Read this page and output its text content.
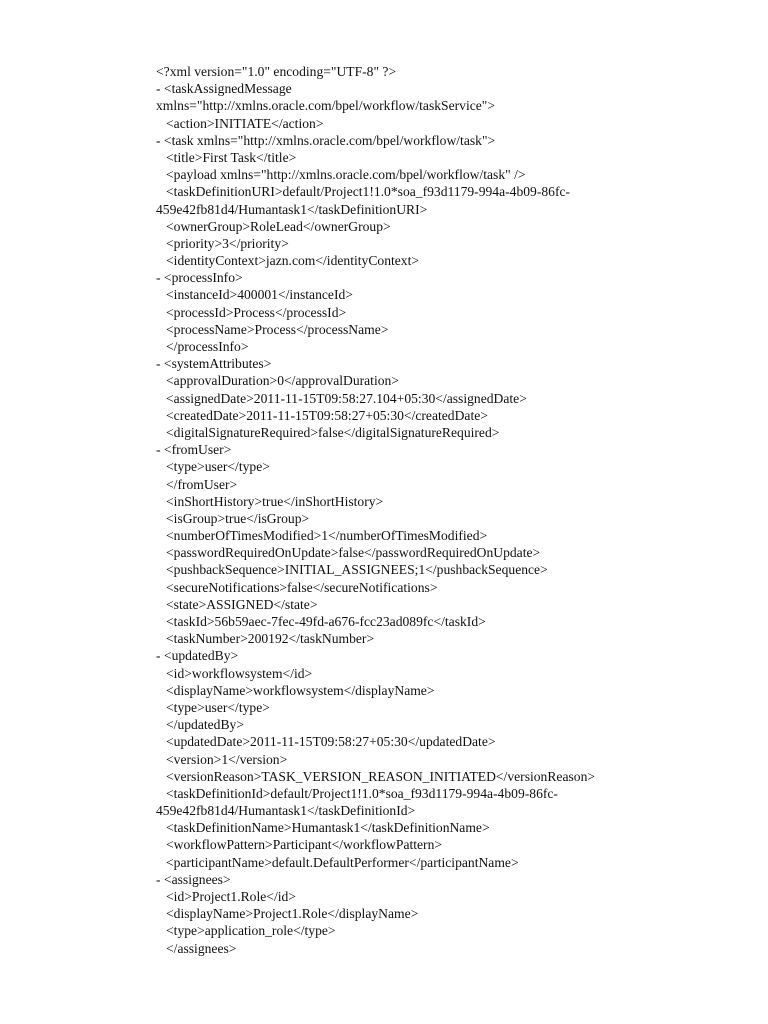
<?xml version="1.0" encoding="UTF-8" ?>
- <taskAssignedMessage
xmlns="http://xmlns.oracle.com/bpel/workflow/taskService">
<action>INITIATE</action>
- <task xmlns="http://xmlns.oracle.com/bpel/workflow/task">
<title>First Task</title>
<payload xmlns="http://xmlns.oracle.com/bpel/workflow/task" />
<taskDefinitionURI>default/Project1!1.0*soa_f93d1179-994a-4b09-86fc-
459e42fb81d4/Humantask1</taskDefinitionURI>
<ownerGroup>RoleLead</ownerGroup>
<priority>3</priority>
<identityContext>jazn.com</identityContext>
- <processInfo>
<instanceId>400001</instanceId>
<processId>Process</processId>
<processName>Process</processName>
</processInfo>
- <systemAttributes>
<approvalDuration>0</approvalDuration>
<assignedDate>2011-11-15T09:58:27.104+05:30</assignedDate>
<createdDate>2011-11-15T09:58:27+05:30</createdDate>
<digitalSignatureRequired>false</digitalSignatureRequired>
- <fromUser>
<type>user</type>
</fromUser>
<inShortHistory>true</inShortHistory>
<isGroup>true</isGroup>
<numberOfTimesModified>1</numberOfTimesModified>
<passwordRequiredOnUpdate>false</passwordRequiredOnUpdate>
<pushbackSequence>INITIAL_ASSIGNEES;1</pushbackSequence>
<secureNotifications>false</secureNotifications>
<state>ASSIGNED</state>
<taskId>56b59aec-7fec-49fd-a676-fcc23ad089fc</taskId>
<taskNumber>200192</taskNumber>
- <updatedBy>
<id>workflowsystem</id>
<displayName>workflowsystem</displayName>
<type>user</type>
</updatedBy>
<updatedDate>2011-11-15T09:58:27+05:30</updatedDate>
<version>1</version>
<versionReason>TASK_VERSION_REASON_INITIATED</versionReason>
<taskDefinitionId>default/Project1!1.0*soa_f93d1179-994a-4b09-86fc-
459e42fb81d4/Humantask1</taskDefinitionId>
<taskDefinitionName>Humantask1</taskDefinitionName>
<workflowPattern>Participant</workflowPattern>
<participantName>default.DefaultPerformer</participantName>
- <assignees>
<id>Project1.Role</id>
<displayName>Project1.Role</displayName>
<type>application_role</type>
</assignees>
